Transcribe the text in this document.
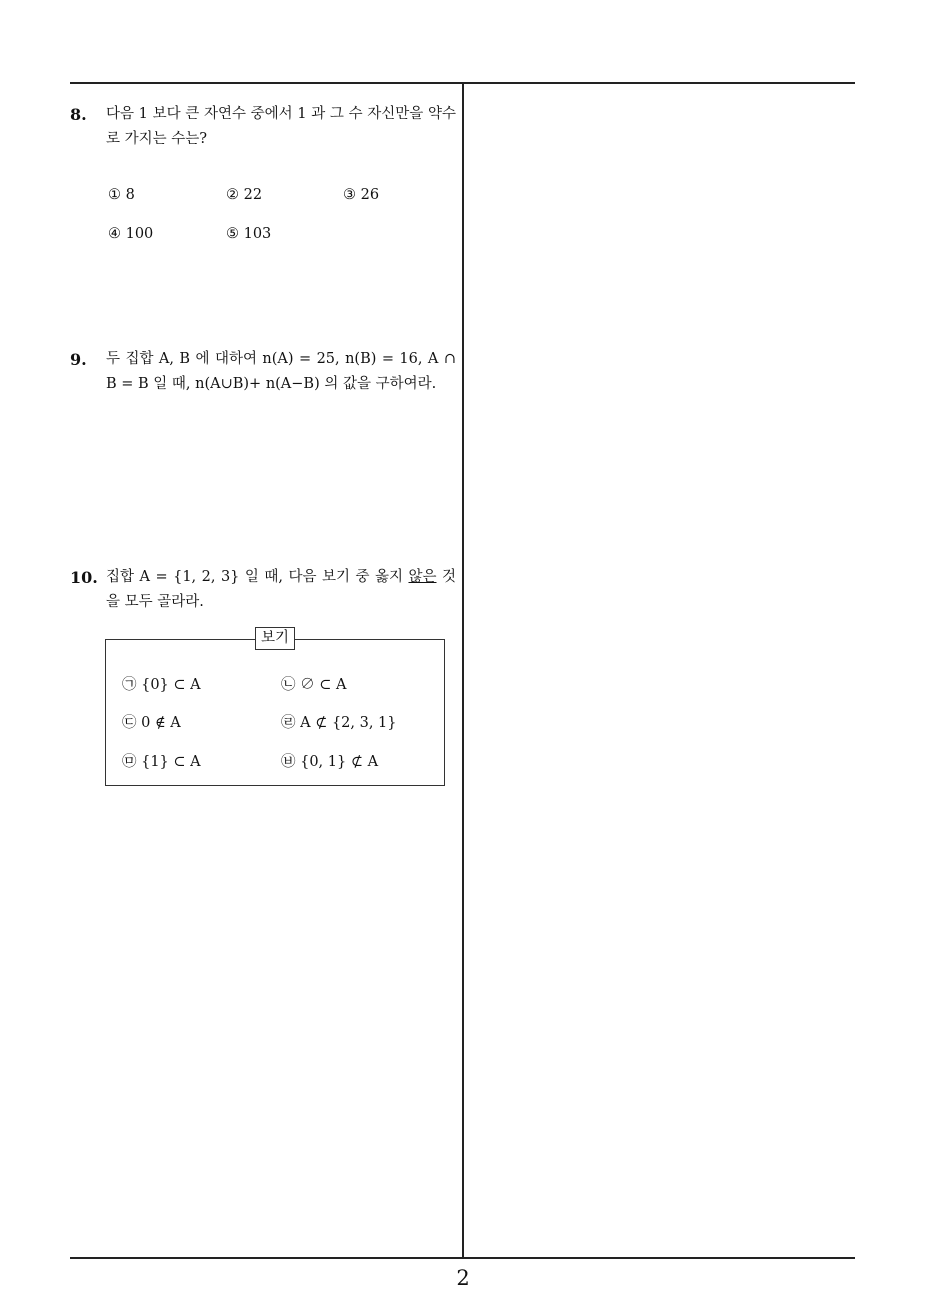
8. 다음 1 보다 큰 자연수 중에서 1 과 그 수 자신만을 약수로 가지는 수는?
① 8	② 22	③ 26
④ 100	⑤ 103
9. 두 집합 A, B 에 대하여 n(A) = 25, n(B) = 16, A ∩ B = B 일 때, n(A∪B)+ n(A−B) 의 값을 구하여라.
10. 집합 A = {1, 2, 3} 일 때, 다음 보기 중 옳지 않은 것을 모두 골라라.
보기
㉠ {0} ⊂ A	㉡ ∅ ⊂ A
㉢ 0 ∉ A	㉣ A ⊄ {2, 3, 1}
㉤ {1} ⊂ A	㉥ {0, 1} ⊄ A
2
